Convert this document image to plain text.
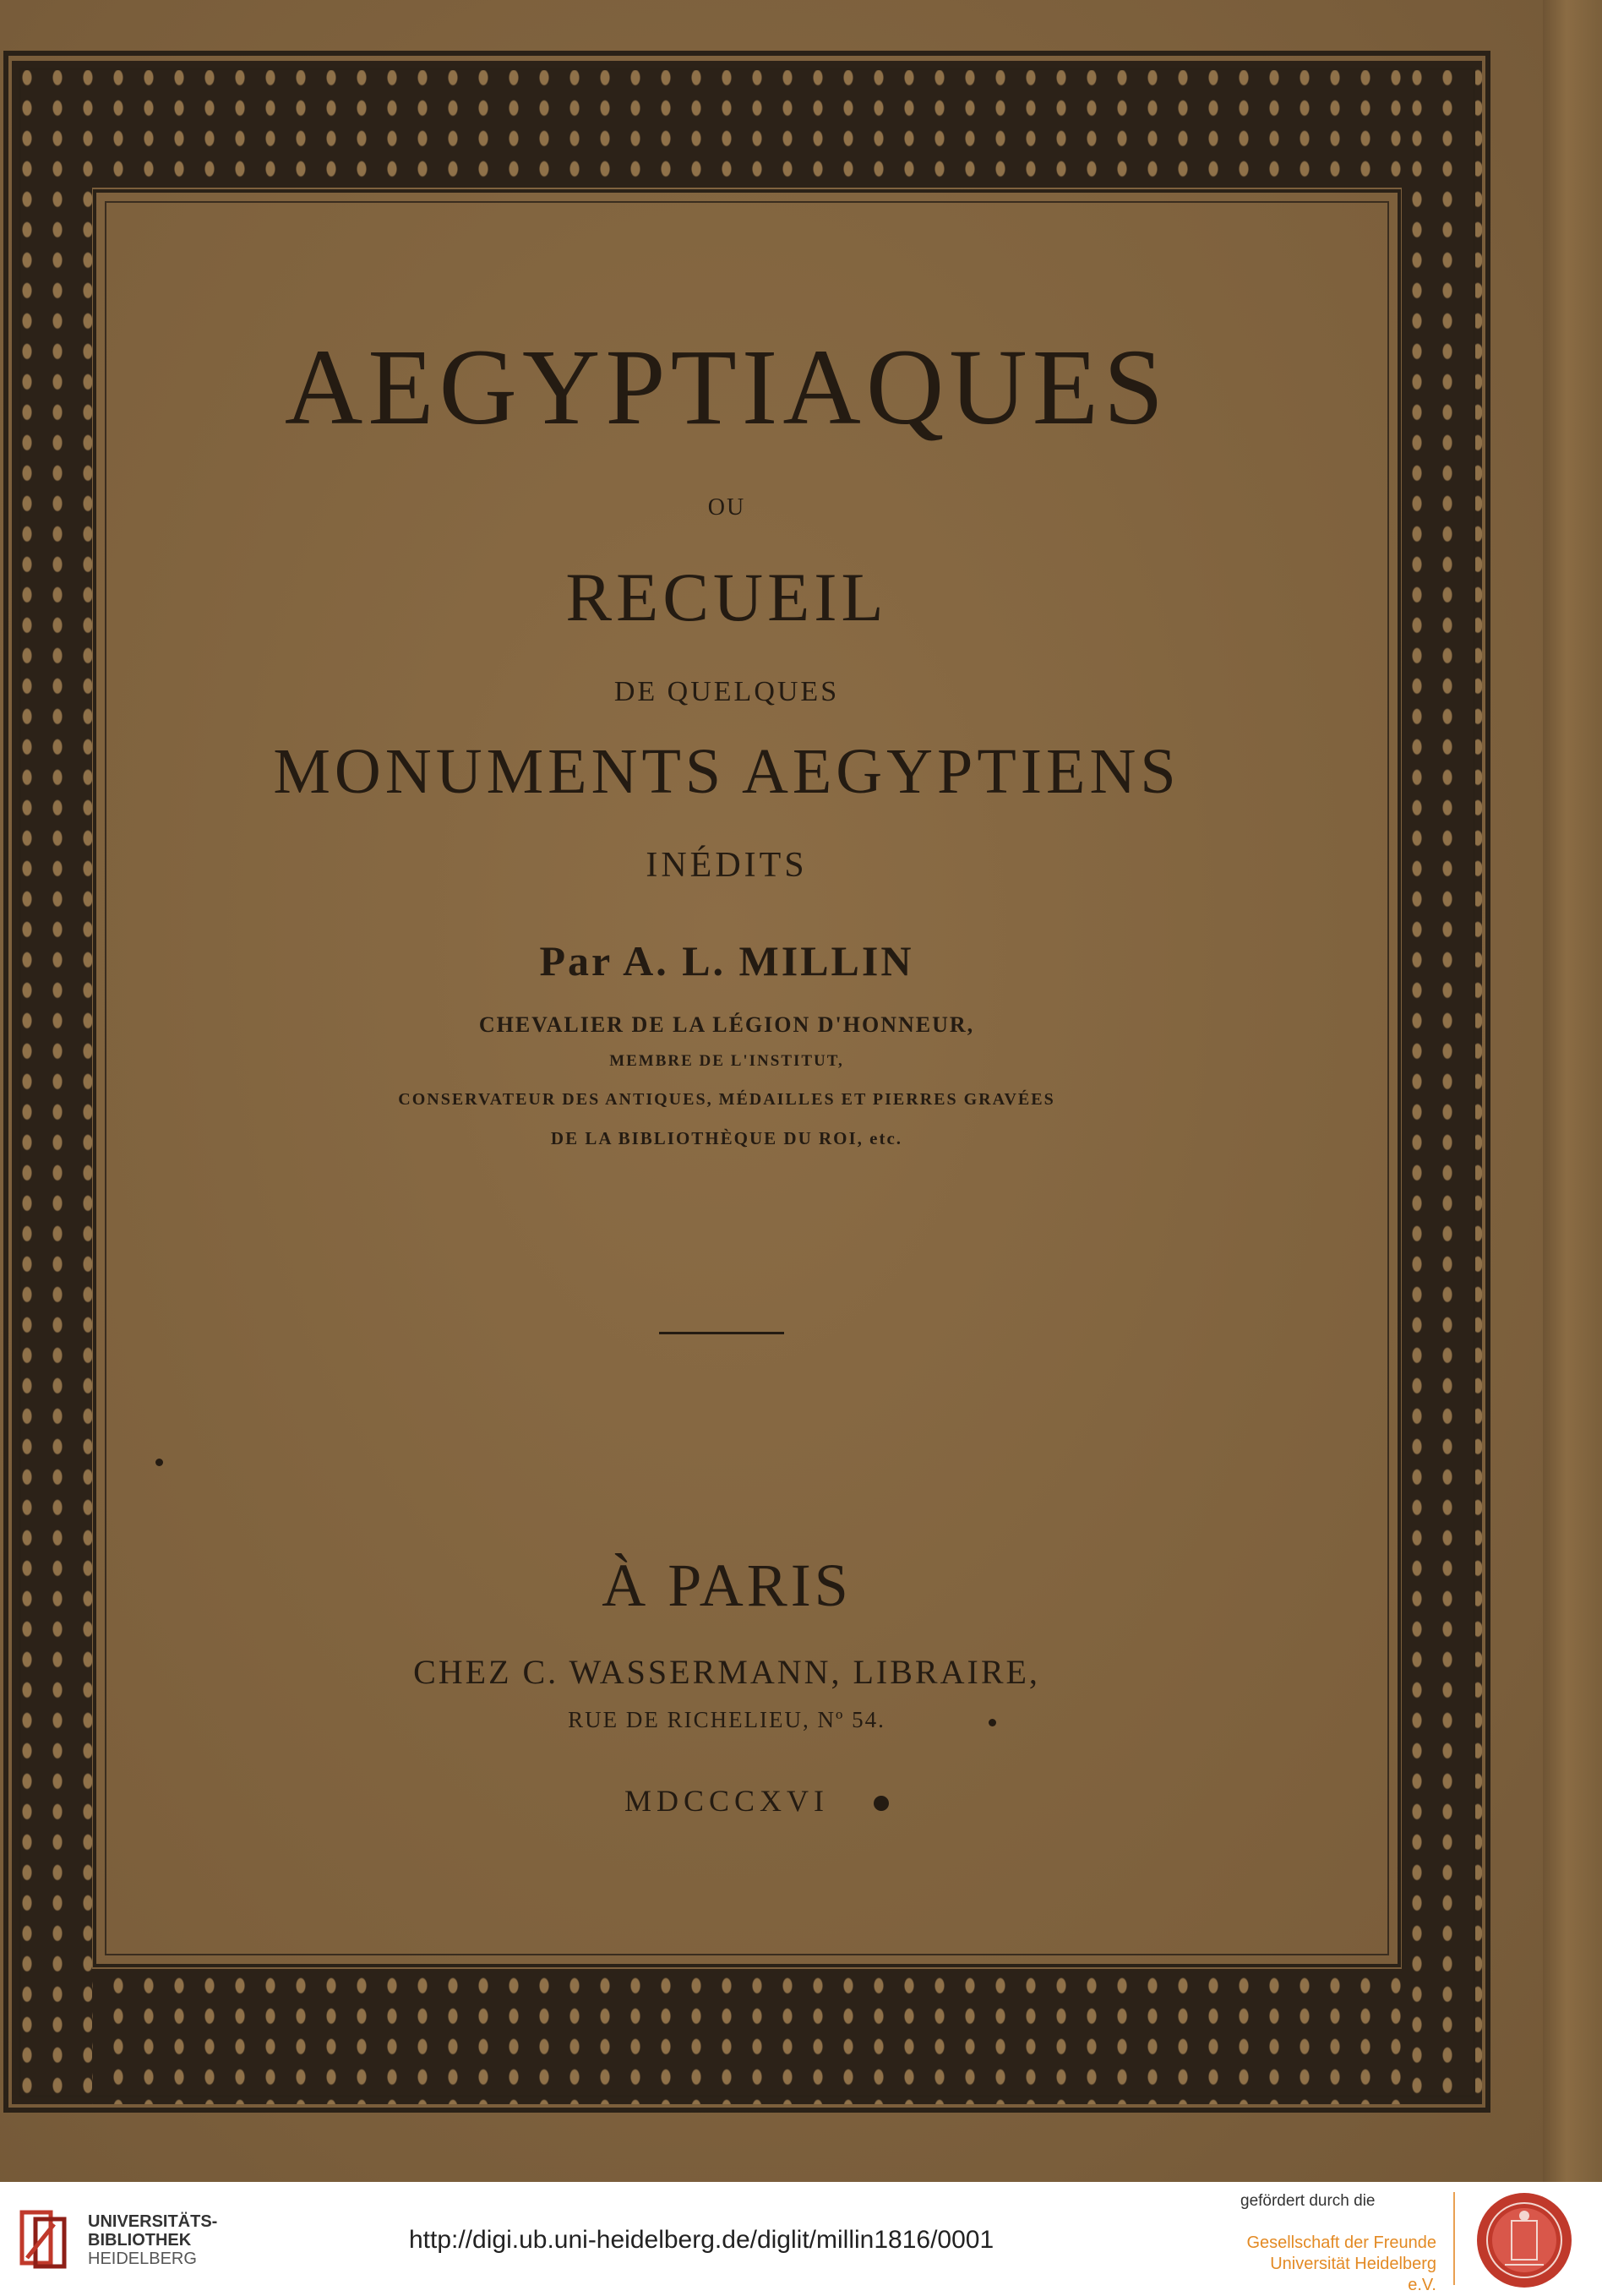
AEGYPTIAQUES
OU
RECUEIL
DE QUELQUES
MONUMENTS AEGYPTIENS
INÉDITS
Par A. L. MILLIN
CHEVALIER DE LA LÉGION D'HONNEUR,
MEMBRE DE L'INSTITUT,
CONSERVATEUR DES ANTIQUES, MÉDAILLES ET PIERRES GRAVÉES
DE LA BIBLIOTHÈQUE DU ROI, etc.
À PARIS
CHEZ C. WASSERMANN, LIBRAIRE,
RUE DE RICHELIEU, Nº 54.
MDCCCXVI
UNIVERSITÄTS-
BIBLIOTHEK
HEIDELBERG
http://digi.ub.uni-heidelberg.de/diglit/millin1816/0001
gefördert durch die
Gesellschaft der Freunde
Universität Heidelberg e.V.
